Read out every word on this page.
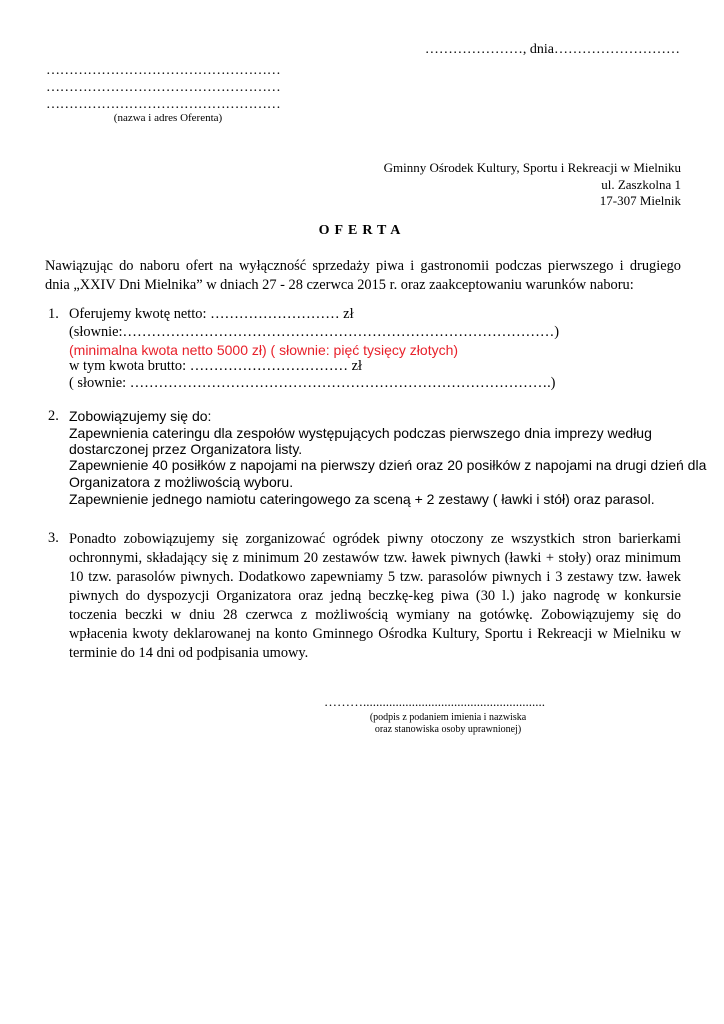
…………………, dnia………………………

……………………………………………

……………………………………………

……………………………………………

(nazwa i adres Oferenta)

Gminny Ośrodek Kultury, Sportu i Rekreacji w Mielniku

ul. Zaszkolna 1

17-307 Mielnik

OFERTA

Nawiązując do naboru ofert na wyłączność sprzedaży piwa i gastronomii podczas pierwszego i drugiego
dnia „XXIV Dni Mielnika” w dniach 27 - 28 czerwca 2015 r. oraz zaakceptowaniu warunków naboru:

1. Oferujemy kwotę netto: ……………………… zł

(słownie:………………………………………………………………………………)

(minimalna kwota netto 5000 zł) ( słownie: pięć tysięcy złotych)

w tym kwota brutto: …………………………… zł

( słownie: …………………………………………………………………………….)

2. Zobowiązujemy się do:

Zapewnienia cateringu dla zespołów występujących podczas pierwszego dnia imprezy według

dostarczonej przez Organizatora listy.

Zapewnienie 40 posiłków z napojami na pierwszy dzień oraz 20 posiłków z napojami na drugi dzień dla

Organizatora z możliwością wyboru.

Zapewnienie jednego namiotu cateringowego za sceną + 2 zestawy ( ławki i stół) oraz parasol.

3. Ponadto zobowiązujemy się zorganizować ogródek piwny otoczony ze wszystkich stron barierkami
ochronnymi, składający się z minimum 20 zestawów tzw. ławek piwnych (ławki + stoły) oraz minimum
10 tzw. parasolów piwnych. Dodatkowo zapewniamy 5 tzw. parasolów piwnych i 3 zestawy tzw. ławek
piwnych do dyspozycji Organizatora oraz jedną beczkę-keg piwa (30 l.) jako nagrodę w konkursie
toczenia beczki w dniu 28 czerwca z możliwością wymiany na gotówkę. Zobowiązujemy się do
wpłacenia kwoty deklarowanej na konto Gminnego Ośrodka Kultury, Sportu i Rekreacji w Mielniku w
terminie do 14 dni od podpisania umowy.

………........................................................

(podpis z podaniem imienia i nazwiska

oraz stanowiska osoby uprawnionej)
